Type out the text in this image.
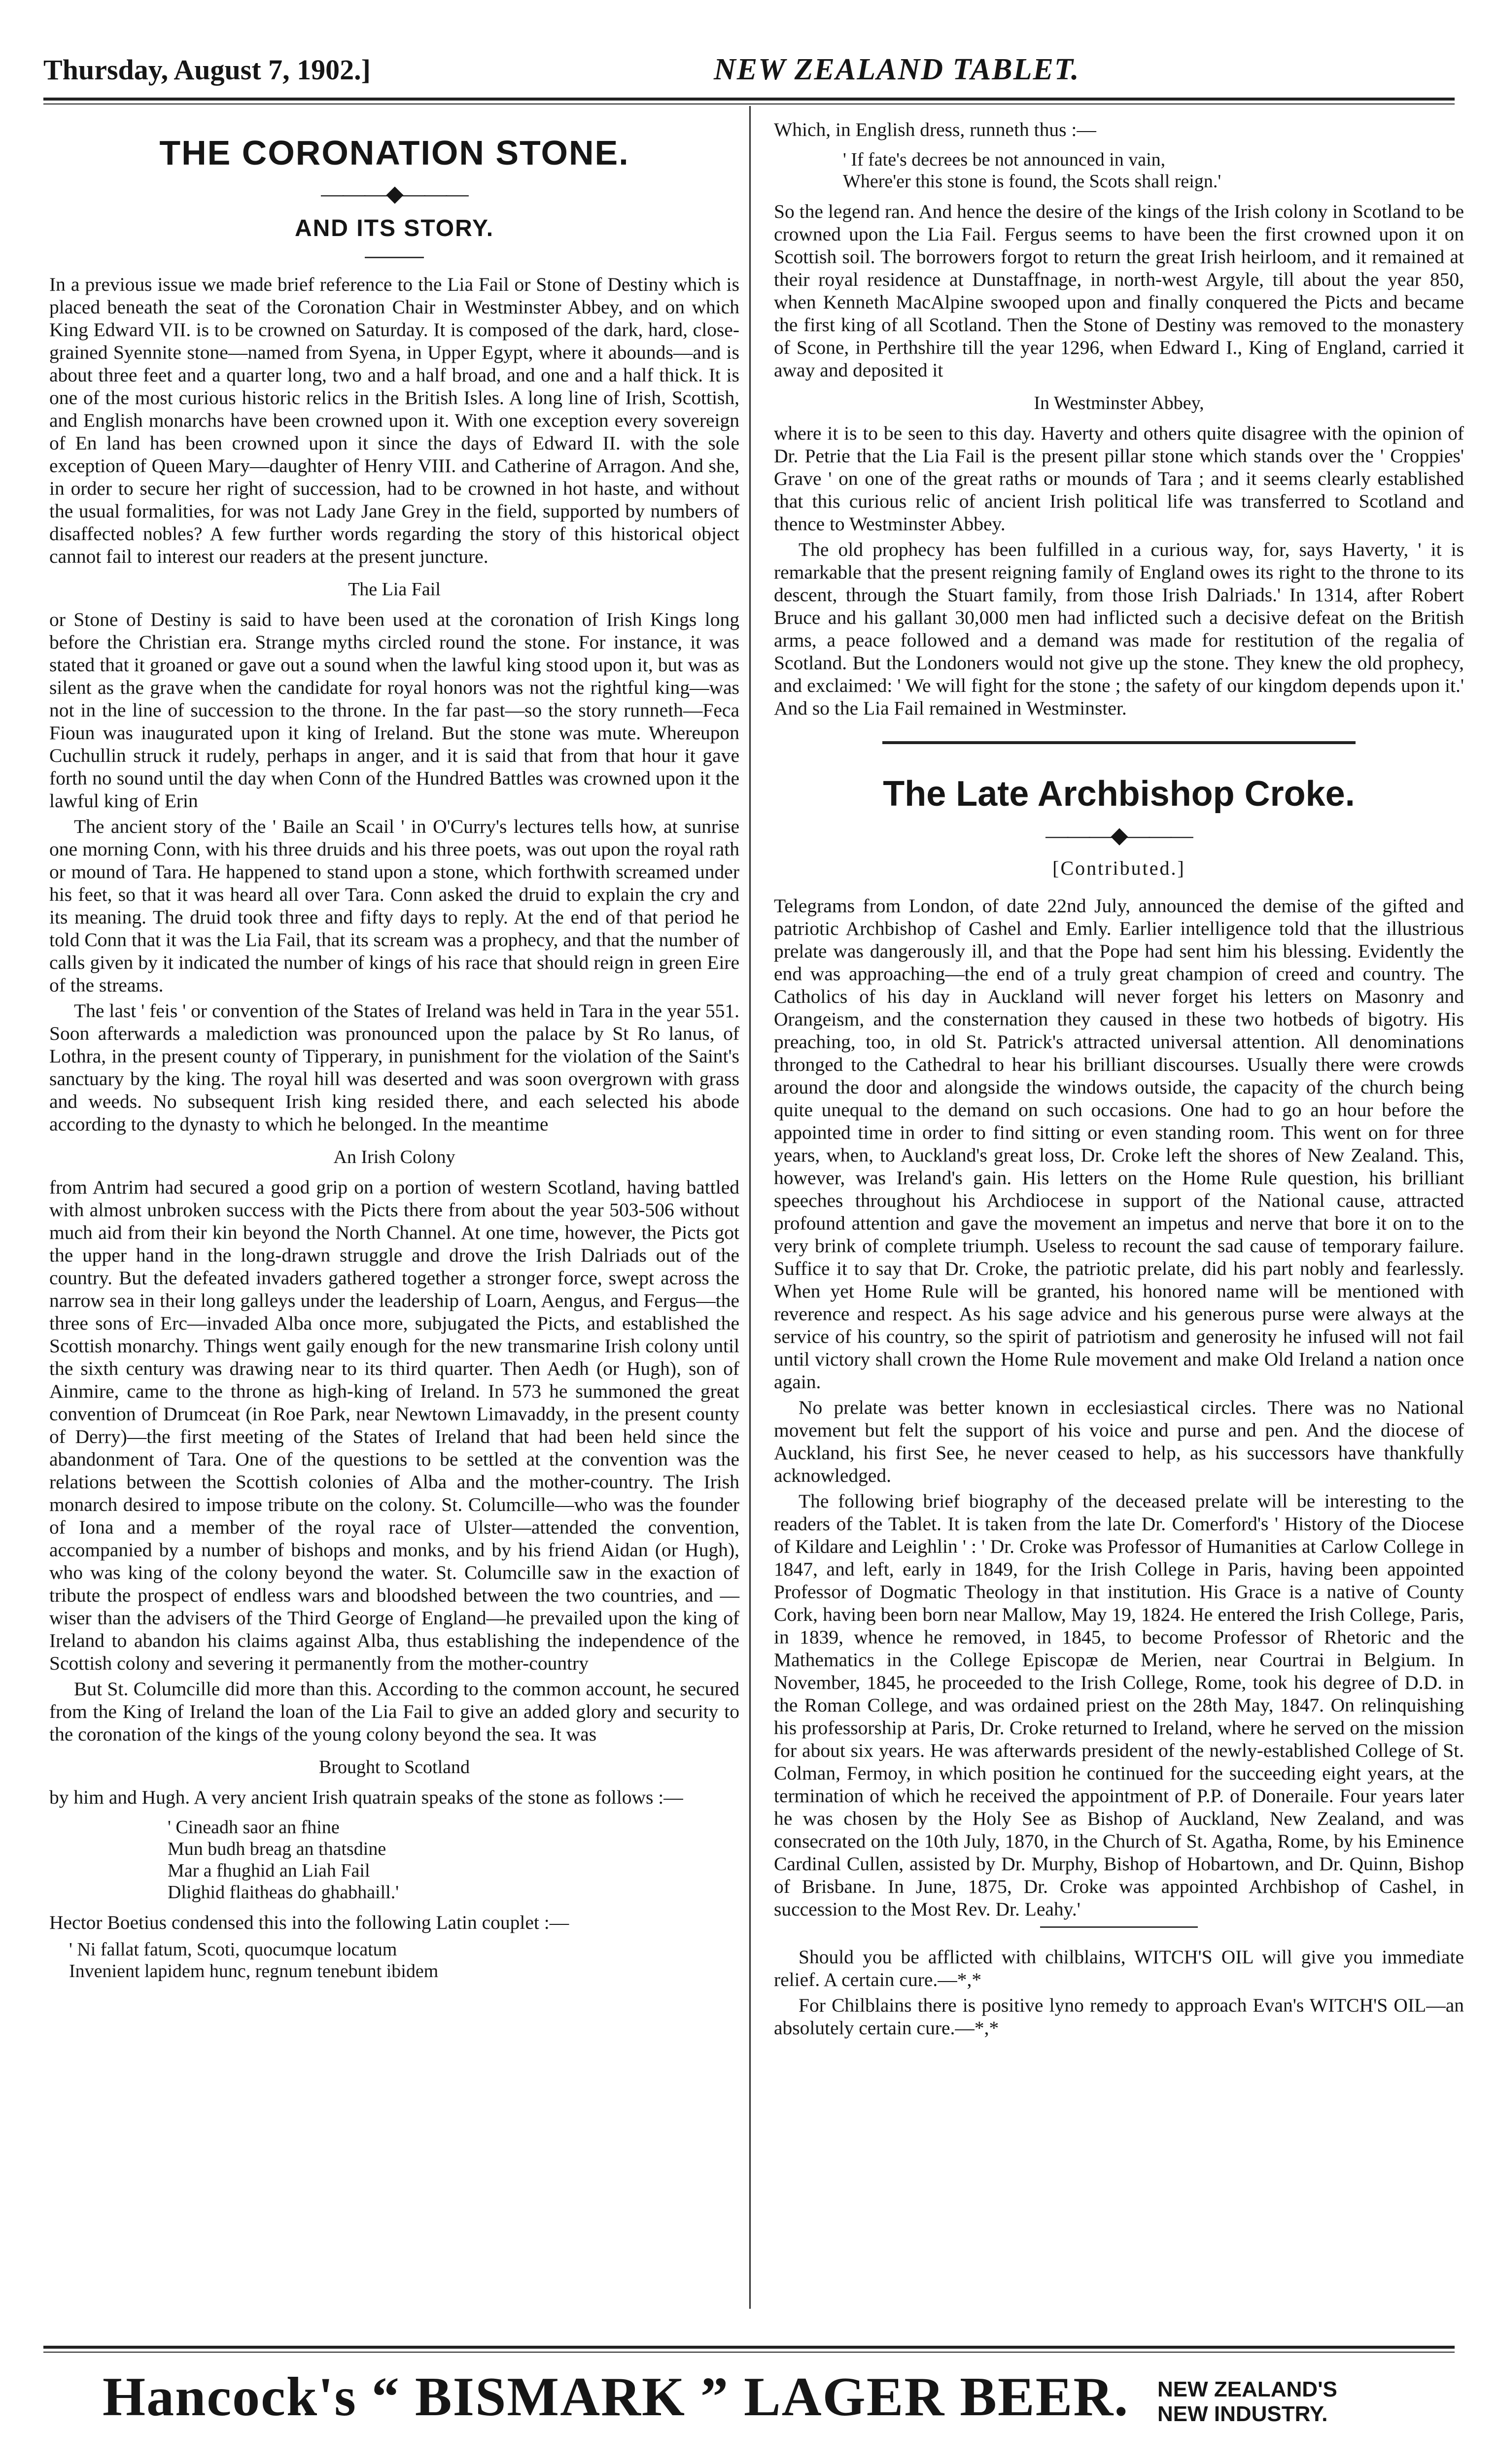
Thursday, August 7, 1902.]	NEW ZEALAND TABLET.
THE CORONATION STONE.
———◆———
AND ITS STORY.

In a previous issue we made brief reference to the Lia Fail or Stone of Destiny which is placed beneath the seat of the Coronation Chair in Westminster Abbey, and on which King Edward VII. is to be crowned on Saturday. It is composed of the dark, hard, close-grained Syennite stone—named from Syena, in Upper Egypt, where it abounds—and is about three feet and a quarter long, two and a half broad, and one and a half thick. It is one of the most curious historic relics in the British Isles. A long line of Irish, Scottish, and English monarchs have been crowned upon it. With one exception every sovereign of En land has been crowned upon it since the days of Edward II. with the sole exception of Queen Mary—daughter of Henry VIII. and Catherine of Arragon. And she, in order to secure her right of succession, had to be crowned in hot haste, and without the usual formalities, for was not Lady Jane Grey in the field, supported by numbers of disaffected nobles? A few further words regarding the story of this historical object cannot fail to interest our readers at the present juncture.

The Lia Fail

or Stone of Destiny is said to have been used at the coronation of Irish Kings long before the Christian era. Strange myths circled round the stone. For instance, it was stated that it groaned or gave out a sound when the lawful king stood upon it, but was as silent as the grave when the candidate for royal honors was not the rightful king—was not in the line of succession to the throne. In the far past—so the story runneth—Feca Fioun was inaugurated upon it king of Ireland. But the stone was mute. Whereupon Cuchullin struck it rudely, perhaps in anger, and it is said that from that hour it gave forth no sound until the day when Conn of the Hundred Battles was crowned upon it the lawful king of Erin

The ancient story of the ' Baile an Scail ' in O'Curry's lectures tells how, at sunrise one morning Conn, with his three druids and his three poets, was out upon the royal rath or mound of Tara. He happened to stand upon a stone, which forthwith screamed under his feet, so that it was heard all over Tara. Conn asked the druid to explain the cry and its meaning. The druid took three and fifty days to reply. At the end of that period he told Conn that it was the Lia Fail, that its scream was a prophecy, and that the number of calls given by it indicated the number of kings of his race that should reign in green Eire of the streams.

The last ' feis ' or convention of the States of Ireland was held in Tara in the year 551. Soon afterwards a malediction was pronounced upon the palace by St Ro lanus, of Lothra, in the present county of Tipperary, in punishment for the violation of the Saint's sanctuary by the king. The royal hill was deserted and was soon overgrown with grass and weeds. No subsequent Irish king resided there, and each selected his abode according to the dynasty to which he belonged. In the meantime

An Irish Colony

from Antrim had secured a good grip on a portion of western Scotland, having battled with almost unbroken success with the Picts there from about the year 503-506 without much aid from their kin beyond the North Channel. At one time, however, the Picts got the upper hand in the long-drawn struggle and drove the Irish Dalriads out of the country. But the defeated invaders gathered together a stronger force, swept across the narrow sea in their long galleys under the leadership of Loarn, Aengus, and Fergus—the three sons of Erc—invaded Alba once more, subjugated the Picts, and established the Scottish monarchy. Things went gaily enough for the new transmarine Irish colony until the sixth century was drawing near to its third quarter. Then Aedh (or Hugh), son of Ainmire, came to the throne as high-king of Ireland. In 573 he summoned the great convention of Drumceat (in Roe Park, near Newtown Limavaddy, in the present county of Derry)—the first meeting of the States of Ireland that had been held since the abandonment of Tara. One of the questions to be settled at the convention was the relations between the Scottish colonies of Alba and the mother-country. The Irish monarch desired to impose tribute on the colony. St. Columcille—who was the founder of Iona and a member of the royal race of Ulster—attended the convention, accompanied by a number of bishops and monks, and by his friend Aidan (or Hugh), who was king of the colony beyond the water. St. Columcille saw in the exaction of tribute the prospect of endless wars and bloodshed between the two countries, and —wiser than the advisers of the Third George of England—he prevailed upon the king of Ireland to abandon his claims against Alba, thus establishing the independence of the Scottish colony and severing it permanently from the mother-country

But St. Columcille did more than this. According to the common account, he secured from the King of Ireland the loan of the Lia Fail to give an added glory and security to the coronation of the kings of the young colony beyond the sea. It was

Brought to Scotland

by him and Hugh. A very ancient Irish quatrain speaks of the stone as follows :—

' Cineadh saor an fhine
Mun budh breag an thatsdine
Mar a fhughid an Liah Fail
Dlighid flaitheas do ghabhaill.'

Hector Boetius condensed this into the following Latin couplet :—

' Ni fallat fatum, Scoti, quocumque locatum
Invenient lapidem hunc, regnum tenebunt ibidem

Which, in English dress, runneth thus :—

' If fate's decrees be not announced in vain,
Where'er this stone is found, the Scots shall reign.'

So the legend ran. And hence the desire of the kings of the Irish colony in Scotland to be crowned upon the Lia Fail. Fergus seems to have been the first crowned upon it on Scottish soil. The borrowers forgot to return the great Irish heirloom, and it remained at their royal residence at Dunstaffnage, in north-west Argyle, till about the year 850, when Kenneth MacAlpine swooped upon and finally conquered the Picts and became the first king of all Scotland. Then the Stone of Destiny was removed to the monastery of Scone, in Perthshire till the year 1296, when Edward I., King of England, carried it away and deposited it

In Westminster Abbey,

where it is to be seen to this day. Haverty and others quite disagree with the opinion of Dr. Petrie that the Lia Fail is the present pillar stone which stands over the ' Croppies' Grave ' on one of the great raths or mounds of Tara ; and it seems clearly established that this curious relic of ancient Irish political life was transferred to Scotland and thence to Westminster Abbey.

The old prophecy has been fulfilled in a curious way, for, says Haverty, ' it is remarkable that the present reigning family of England owes its right to the throne to its descent, through the Stuart family, from those Irish Dalriads.' In 1314, after Robert Bruce and his gallant 30,000 men had inflicted such a decisive defeat on the British arms, a peace followed and a demand was made for restitution of the regalia of Scotland. But the Londoners would not give up the stone. They knew the old prophecy, and exclaimed: ' We will fight for the stone ; the safety of our kingdom depends upon it.' And so the Lia Fail remained in Westminster.

The Late Archbishop Croke.
———◆———
[Contributed.]

Telegrams from London, of date 22nd July, announced the demise of the gifted and patriotic Archbishop of Cashel and Emly. Earlier intelligence told that the illustrious prelate was dangerously ill, and that the Pope had sent him his blessing. Evidently the end was approaching—the end of a truly great champion of creed and country. The Catholics of his day in Auckland will never forget his letters on Masonry and Orangeism, and the consternation they caused in these two hotbeds of bigotry. His preaching, too, in old St. Patrick's attracted universal attention. All denominations thronged to the Cathedral to hear his brilliant discourses. Usually there were crowds around the door and alongside the windows outside, the capacity of the church being quite unequal to the demand on such occasions. One had to go an hour before the appointed time in order to find sitting or even standing room. This went on for three years, when, to Auckland's great loss, Dr. Croke left the shores of New Zealand. This, however, was Ireland's gain. His letters on the Home Rule question, his brilliant speeches throughout his Archdiocese in support of the National cause, attracted profound attention and gave the movement an impetus and nerve that bore it on to the very brink of complete triumph. Useless to recount the sad cause of temporary failure. Suffice it to say that Dr. Croke, the patriotic prelate, did his part nobly and fearlessly. When yet Home Rule will be granted, his honored name will be mentioned with reverence and respect. As his sage advice and his generous purse were always at the service of his country, so the spirit of patriotism and generosity he infused will not fail until victory shall crown the Home Rule movement and make Old Ireland a nation once again.

No prelate was better known in ecclesiastical circles. There was no National movement but felt the support of his voice and purse and pen. And the diocese of Auckland, his first See, he never ceased to help, as his successors have thankfully acknowledged.

The following brief biography of the deceased prelate will be interesting to the readers of the Tablet. It is taken from the late Dr. Comerford's ' History of the Diocese of Kildare and Leighlin ' : ' Dr. Croke was Professor of Humanities at Carlow College in 1847, and left, early in 1849, for the Irish College in Paris, having been appointed Professor of Dogmatic Theology in that institution. His Grace is a native of County Cork, having been born near Mallow, May 19, 1824. He entered the Irish College, Paris, in 1839, whence he removed, in 1845, to become Professor of Rhetoric and the Mathematics in the College Episcopæ de Merien, near Courtrai in Belgium. In November, 1845, he proceeded to the Irish College, Rome, took his degree of D.D. in the Roman College, and was ordained priest on the 28th May, 1847. On relinquishing his professorship at Paris, Dr. Croke returned to Ireland, where he served on the mission for about six years. He was afterwards president of the newly-established College of St. Colman, Fermoy, in which position he continued for the succeeding eight years, at the termination of which he received the appointment of P.P. of Doneraile. Four years later he was chosen by the Holy See as Bishop of Auckland, New Zealand, and was consecrated on the 10th July, 1870, in the Church of St. Agatha, Rome, by his Eminence Cardinal Cullen, assisted by Dr. Murphy, Bishop of Hobartown, and Dr. Quinn, Bishop of Brisbane. In June, 1875, Dr. Croke was appointed Archbishop of Cashel, in succession to the Most Rev. Dr. Leahy.'

Should you be afflicted with chilblains, WITCH'S OIL will give you immediate relief. A certain cure.—*,*

For Chilblains there is positive lyno remedy to approach Evan's WITCH'S OIL—an absolutely certain cure.—*,*

Hancock's “ BISMARK ” LAGER BEER. NEW ZEALAND'S
NEW INDUSTRY.
